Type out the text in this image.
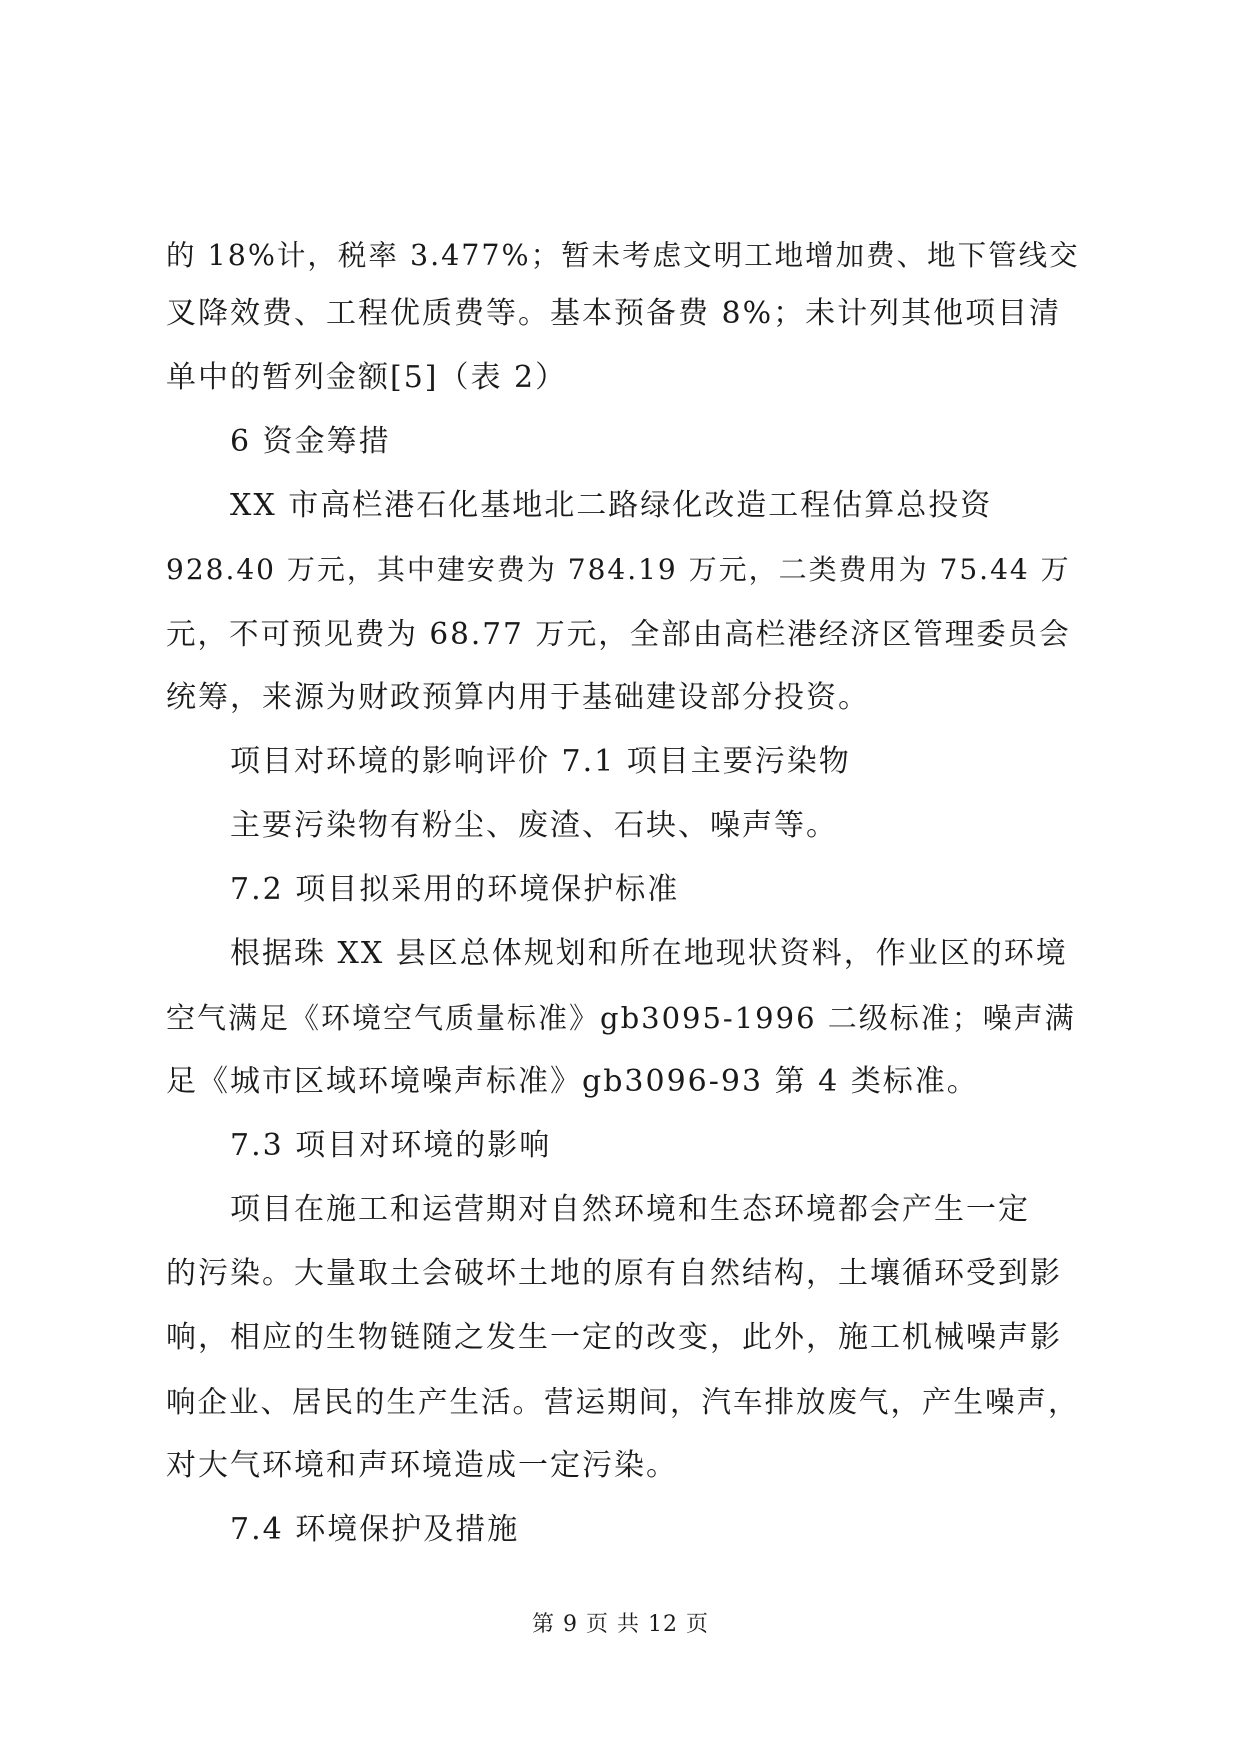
的 18%计，税率 3.477%；暂未考虑文明工地增加费、地下管线交
叉降效费、工程优质费等。基本预备费 8%；未计列其他项目清
单中的暂列金额[5]（表 2）
6 资金筹措
XX 市高栏港石化基地北二路绿化改造工程估算总投资
928.40 万元，其中建安费为 784.19 万元，二类费用为 75.44 万
元，不可预见费为 68.77 万元，全部由高栏港经济区管理委员会
统筹，来源为财政预算内用于基础建设部分投资。
项目对环境的影响评价 7.1 项目主要污染物
主要污染物有粉尘、废渣、石块、噪声等。
7.2 项目拟采用的环境保护标准
根据珠 XX 县区总体规划和所在地现状资料，作业区的环境
空气满足《环境空气质量标准》gb3095-1996 二级标准；噪声满
足《城市区域环境噪声标准》gb3096-93 第 4 类标准。
7.3 项目对环境的影响
项目在施工和运营期对自然环境和生态环境都会产生一定
的污染。大量取土会破坏土地的原有自然结构，土壤循环受到影
响，相应的生物链随之发生一定的改变，此外，施工机械噪声影
响企业、居民的生产生活。营运期间，汽车排放废气，产生噪声，
对大气环境和声环境造成一定污染。
7.4 环境保护及措施
第 9 页 共 12 页
